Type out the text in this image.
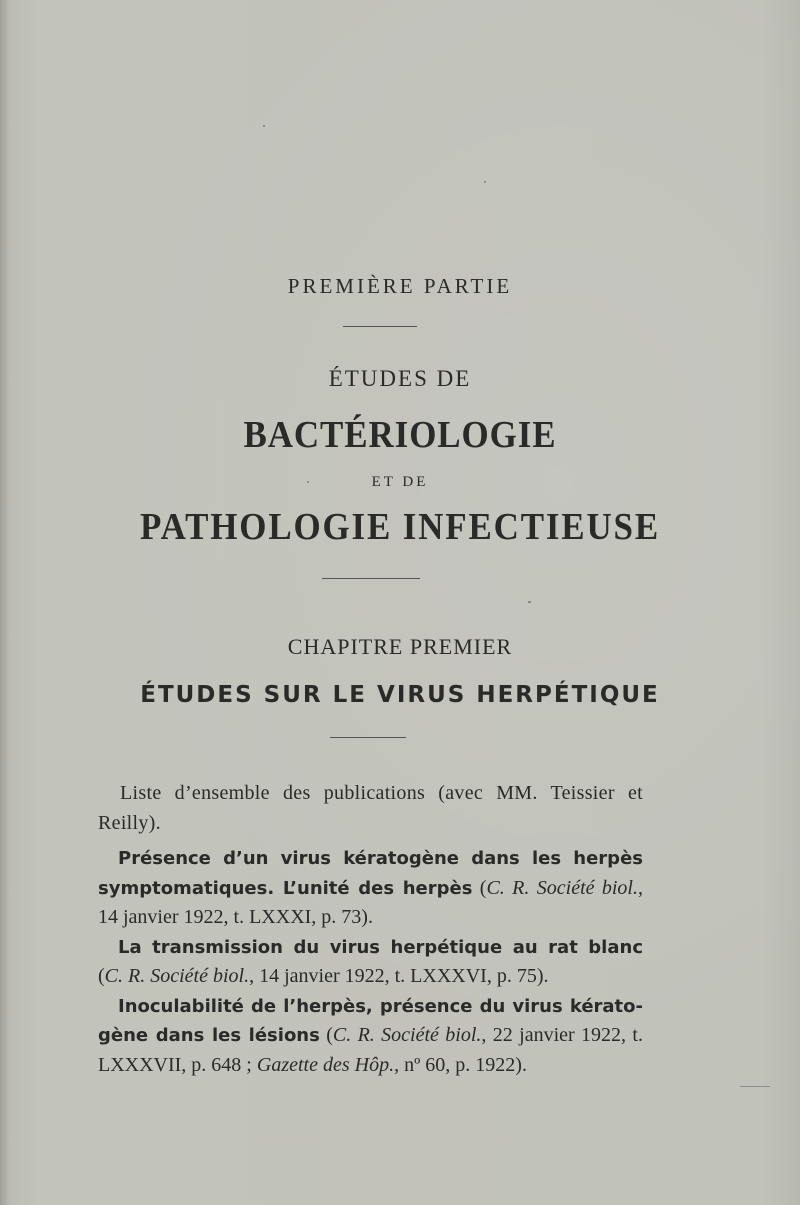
PREMIÈRE PARTIE
ÉTUDES DE
BACTÉRIOLOGIE
ET DE
PATHOLOGIE INFECTIEUSE
CHAPITRE PREMIER
ÉTUDES SUR LE VIRUS HERPÉTIQUE

Liste d’ensemble des publications (avec MM. Teissier et Reilly).

Présence d’un virus kératogène dans les herpès symptomatiques. L’unité des herpès (C. R. Société biol., 14 janvier 1922, t. LXXXI, p. 73).

La transmission du virus herpétique au rat blanc (C. R. Société biol., 14 janvier 1922, t. LXXXVI, p. 75).

Inoculabilité de l’herpès, présence du virus kérato-gène dans les lésions (C. R. Société biol., 22 janvier 1922, t. LXXXVII, p. 648 ; Gazette des Hôp., nº 60, p. 1922).
